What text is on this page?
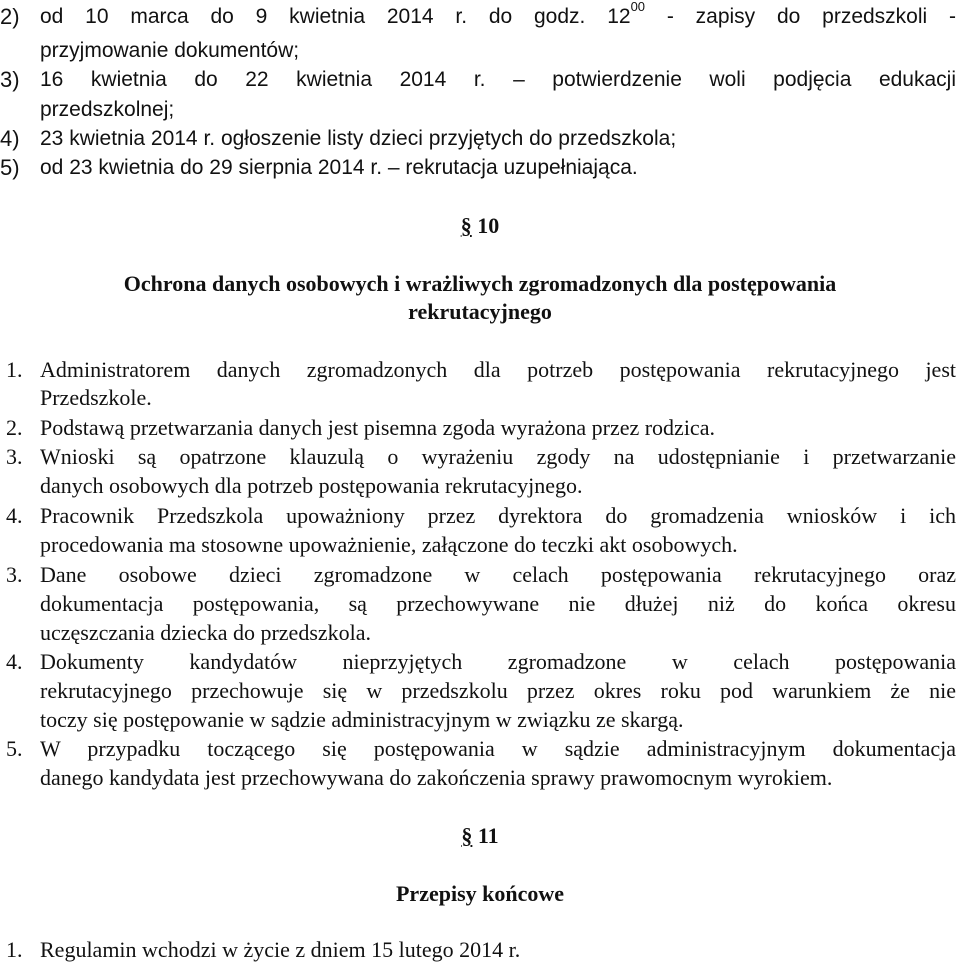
2) od 10 marca do 9 kwietnia 2014 r. do godz. $12^{00}$ - zapisy do przedszkoli -
przyjmowanie dokumentów;
3) 16 kwietnia do 22 kwietnia 2014 r. – potwierdzenie woli podjęcia edukacji
przedszkolnej;
4) 23 kwietnia 2014 r. ogłoszenie listy dzieci przyjętych do przedszkola;
5) od 23 kwietnia do 29 sierpnia 2014 r. – rekrutacja uzupełniająca.
§ 10
Ochrona danych osobowych i wrażliwych zgromadzonych dla postępowania
rekrutacyjnego
1. Administratorem danych zgromadzonych dla potrzeb postępowania rekrutacyjnego jest
Przedszkole.
2. Podstawą przetwarzania danych jest pisemna zgoda wyrażona przez rodzica.
3. Wnioski są opatrzone klauzulą o wyrażeniu zgody na udostępnianie i przetwarzanie
danych osobowych dla potrzeb postępowania rekrutacyjnego.
4. Pracownik Przedszkola upoważniony przez dyrektora do gromadzenia wniosków i ich
procedowania ma stosowne upoważnienie, załączone do teczki akt osobowych.
3. Dane osobowe dzieci zgromadzone w celach postępowania rekrutacyjnego oraz
dokumentacja postępowania, są przechowywane nie dłużej niż do końca okresu
uczęszczania dziecka do przedszkola.
4. Dokumenty kandydatów nieprzyjętych zgromadzone w celach postępowania
rekrutacyjnego przechowuje się w przedszkolu przez okres roku pod warunkiem że nie
toczy się postępowanie w sądzie administracyjnym w związku ze skargą.
5. W przypadku toczącego się postępowania w sądzie administracyjnym dokumentacja
danego kandydata jest przechowywana do zakończenia sprawy prawomocnym wyrokiem.
§ 11
Przepisy końcowe
1. Regulamin wchodzi w życie z dniem 15 lutego 2014 r.
